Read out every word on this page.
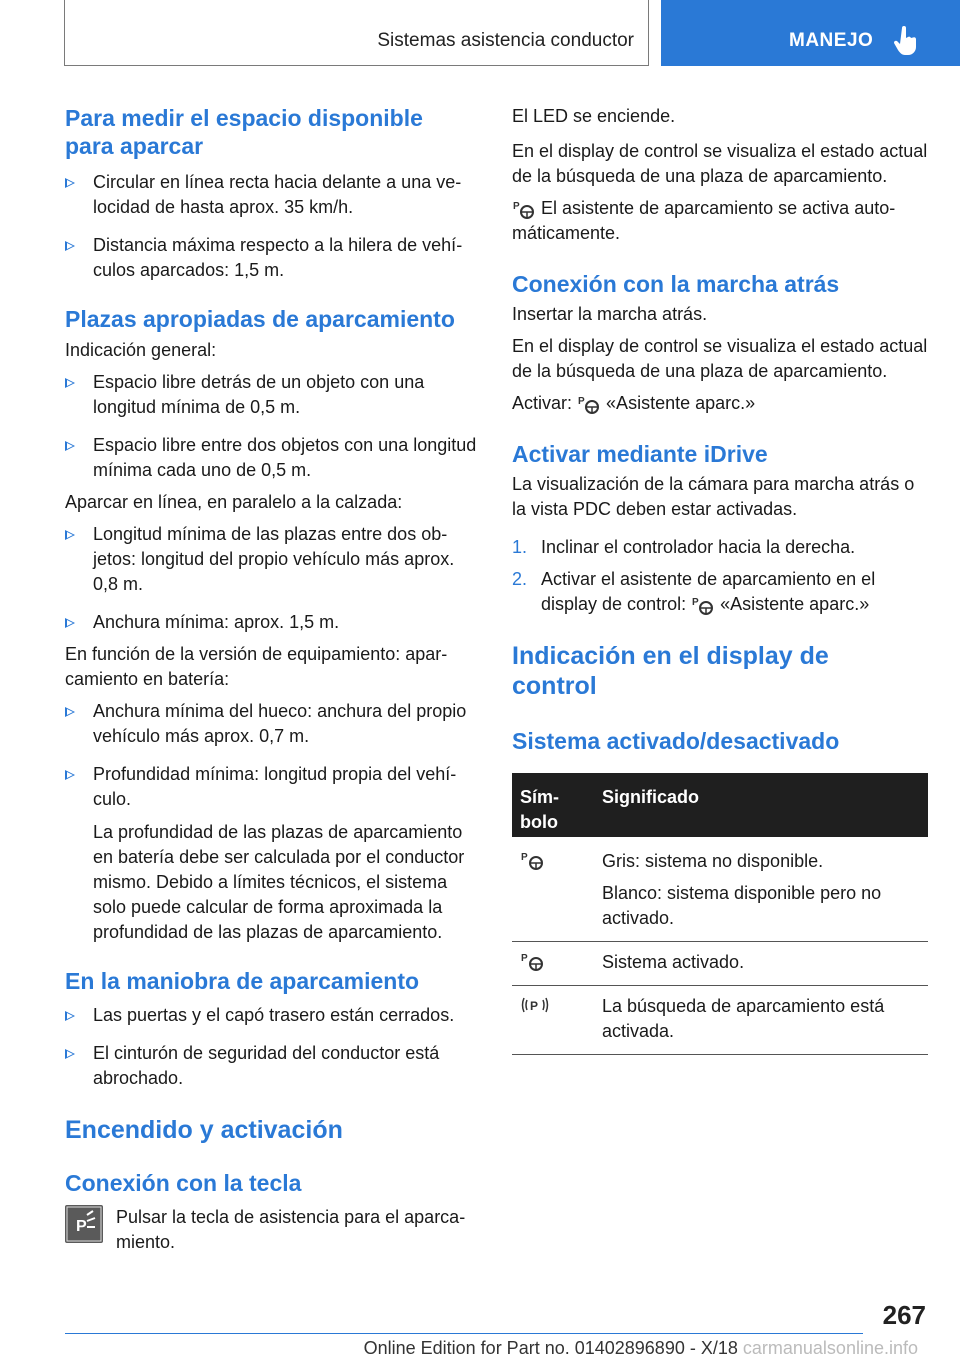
Sistemas asistencia conductor	MANEJO
Para medir el espacio disponible para aparcar
Circular en línea recta hacia delante a una velocidad de hasta aprox. 35 km/h.
Distancia máxima respecto a la hilera de vehículos aparcados: 1,5 m.
Plazas apropiadas de aparcamiento

Indicación general:

Espacio libre detrás de un objeto con una longitud mínima de 0,5 m.
Espacio libre entre dos objetos con una longitud mínima cada uno de 0,5 m.

Aparcar en línea, en paralelo a la calzada:

Longitud mínima de las plazas entre dos objetos: longitud del propio vehículo más aprox. 0,8 m.
Anchura mínima: aprox. 1,5 m.

En función de la versión de equipamiento: aparcamiento en batería:

Anchura mínima del hueco: anchura del propio vehículo más aprox. 0,7 m.
Profundidad mínima: longitud propia del vehículo.

La profundidad de las plazas de aparcamiento en batería debe ser calculada por el conductor mismo. Debido a límites técnicos, el sistema solo puede calcular de forma aproximada la profundidad de las plazas de aparcamiento.

En la maniobra de aparcamiento
Las puertas y el capó trasero están cerrados.
El cinturón de seguridad del conductor está abrochado.
Encendido y activación
Conexión con la tecla
P Pulsar la tecla de asistencia para el aparcamiento.

El LED se enciende.

En el display de control se visualiza el estado actual de la búsqueda de una plaza de aparcamiento.

P El asistente de aparcamiento se activa automáticamente.

Conexión con la marcha atrás

Insertar la marcha atrás.

En el display de control se visualiza el estado actual de la búsqueda de una plaza de aparcamiento.

Activar: P «Asistente aparc.»

Activar mediante iDrive

La visualización de la cámara para marcha atrás o la vista PDC deben estar activadas.

1. Inclinar el controlador hacia la derecha.
2. Activar el asistente de aparcamiento en el display de control: P «Asistente aparc.»
Indicación en el display de control
Sistema activado/desactivado
Símbolo	Significado

P	Gris: sistema no disponible.
Blanco: sistema disponible pero no activado.

P	Sistema activado.

P	La búsqueda de aparcamiento está activada.
267
Online Edition for Part no. 01402896890 - X/18 carmanualsonline.info
